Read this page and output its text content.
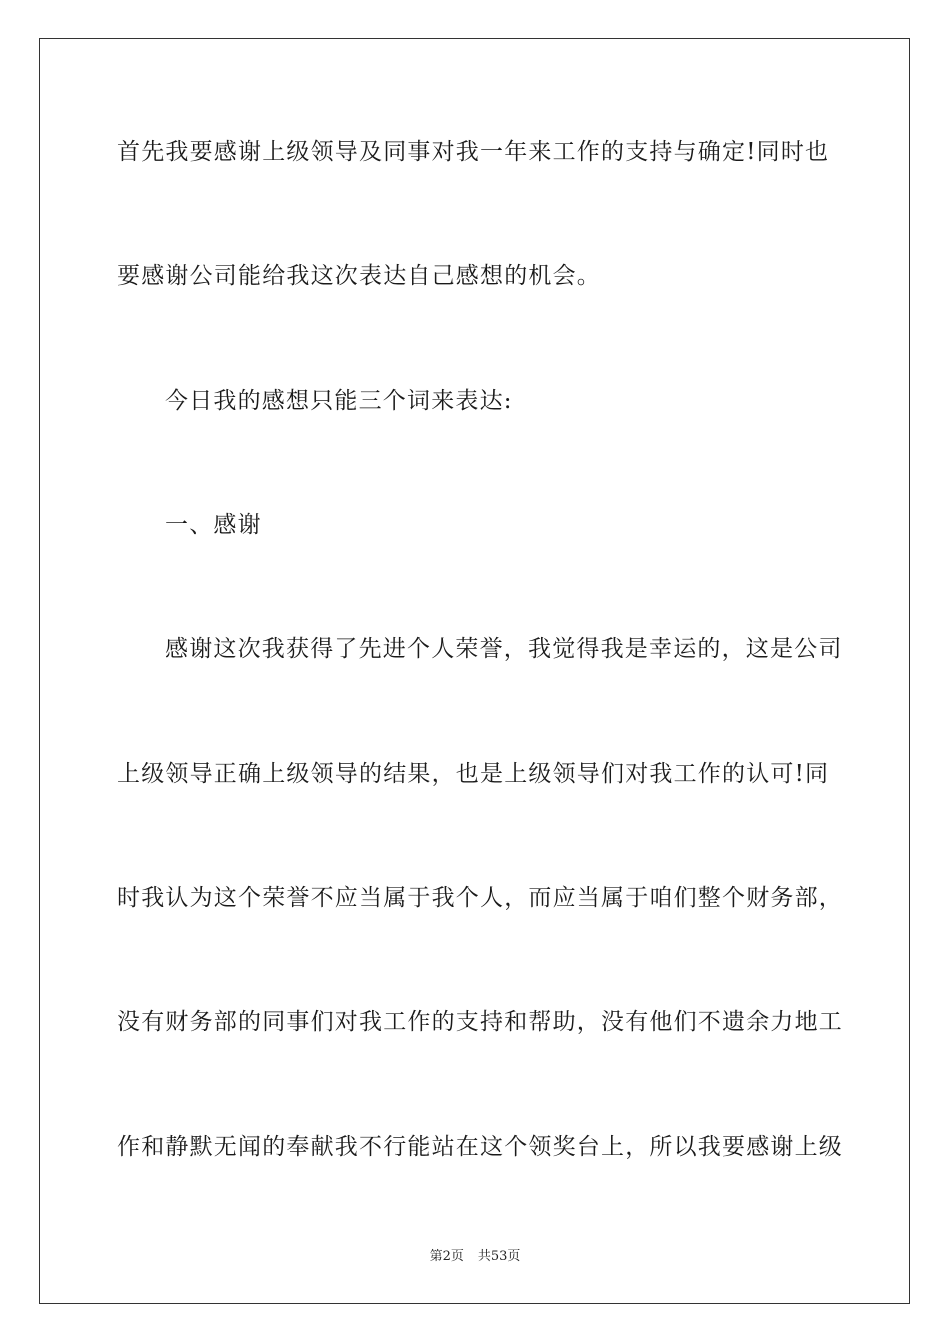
首先我要感谢上级领导及同事对我一年来工作的支持与确定!同时也
要感谢公司能给我这次表达自己感想的机会。
今日我的感想只能三个词来表达:
一、感谢
感谢这次我获得了先进个人荣誉，我觉得我是幸运的，这是公司
上级领导正确上级领导的结果，也是上级领导们对我工作的认可!同
时我认为这个荣誉不应当属于我个人，而应当属于咱们整个财务部，
没有财务部的同事们对我工作的支持和帮助，没有他们不遗余力地工
作和静默无闻的奉献我不行能站在这个领奖台上，所以我要感谢上级
第2页 共53页
